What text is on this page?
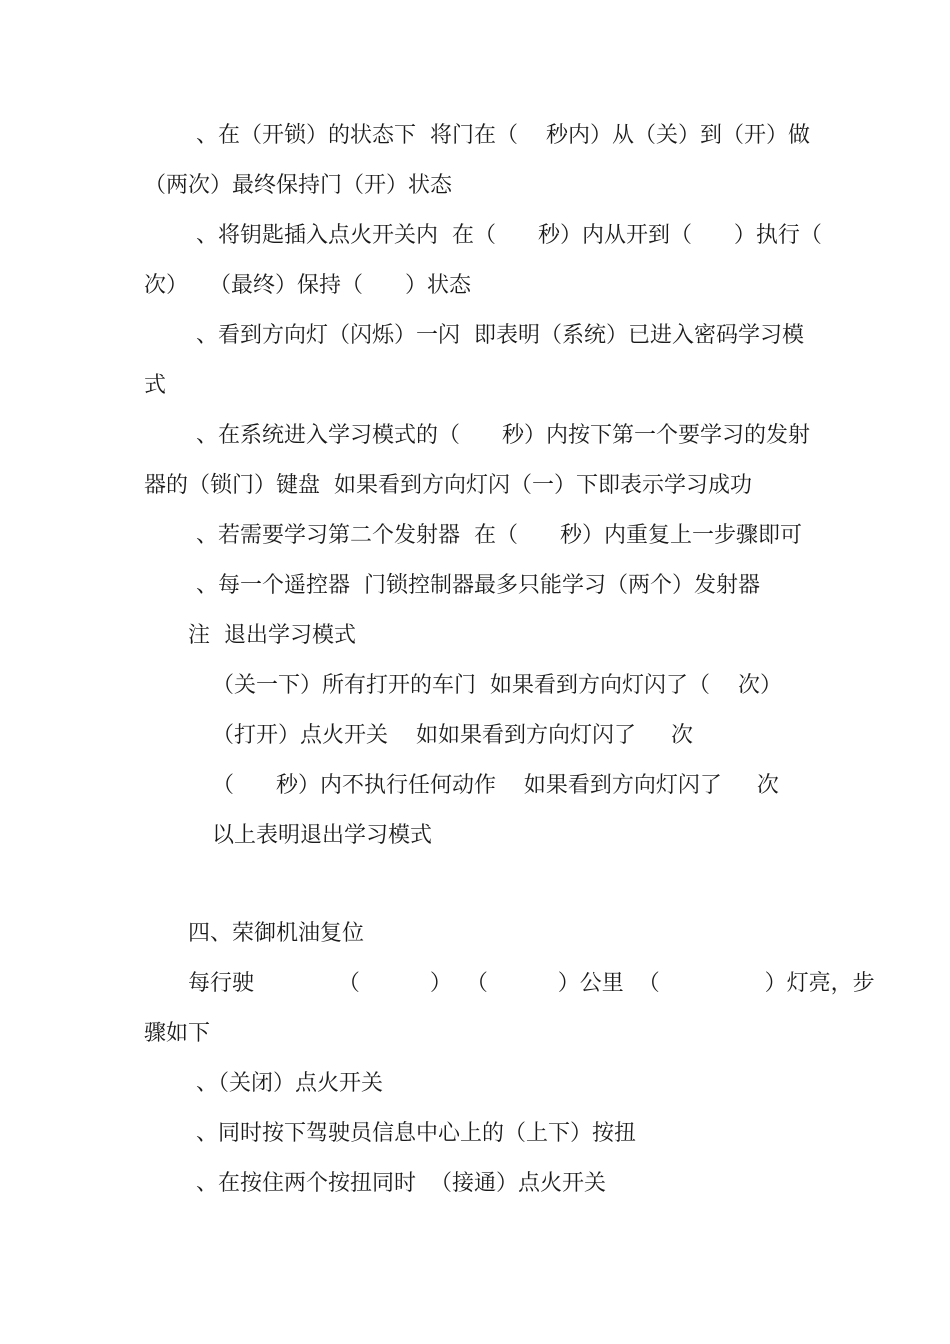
、在（开锁）的状态下  将门在（    秒内）从（关）到（开）做
（两次）最终保持门（开）状态
、将钥匙插入点火开关内  在（      秒）内从开到（      ）执行（
次）   （最终）保持（      ）状态
、看到方向灯（闪烁）一闪  即表明（系统）已进入密码学习模
式
、在系统进入学习模式的（      秒）内按下第一个要学习的发射
器的（锁门）键盘  如果看到方向灯闪（一）下即表示学习成功
、若需要学习第二个发射器  在（      秒）内重复上一步骤即可
、每一个遥控器  门锁控制器最多只能学习（两个）发射器
注  退出学习模式
（关一下）所有打开的车门  如果看到方向灯闪了（    次）
（打开）点火开关    如如果看到方向灯闪了     次
（      秒）内不执行任何动作    如果看到方向灯闪了     次
以上表明退出学习模式
四、荣御机油复位
每行驶            （          ）  （          ）公里  （               ）灯亮，步
骤如下
、（关闭）点火开关
、同时按下驾驶员信息中心上的（上下）按扭
、在按住两个按扭同时  （接通）点火开关
